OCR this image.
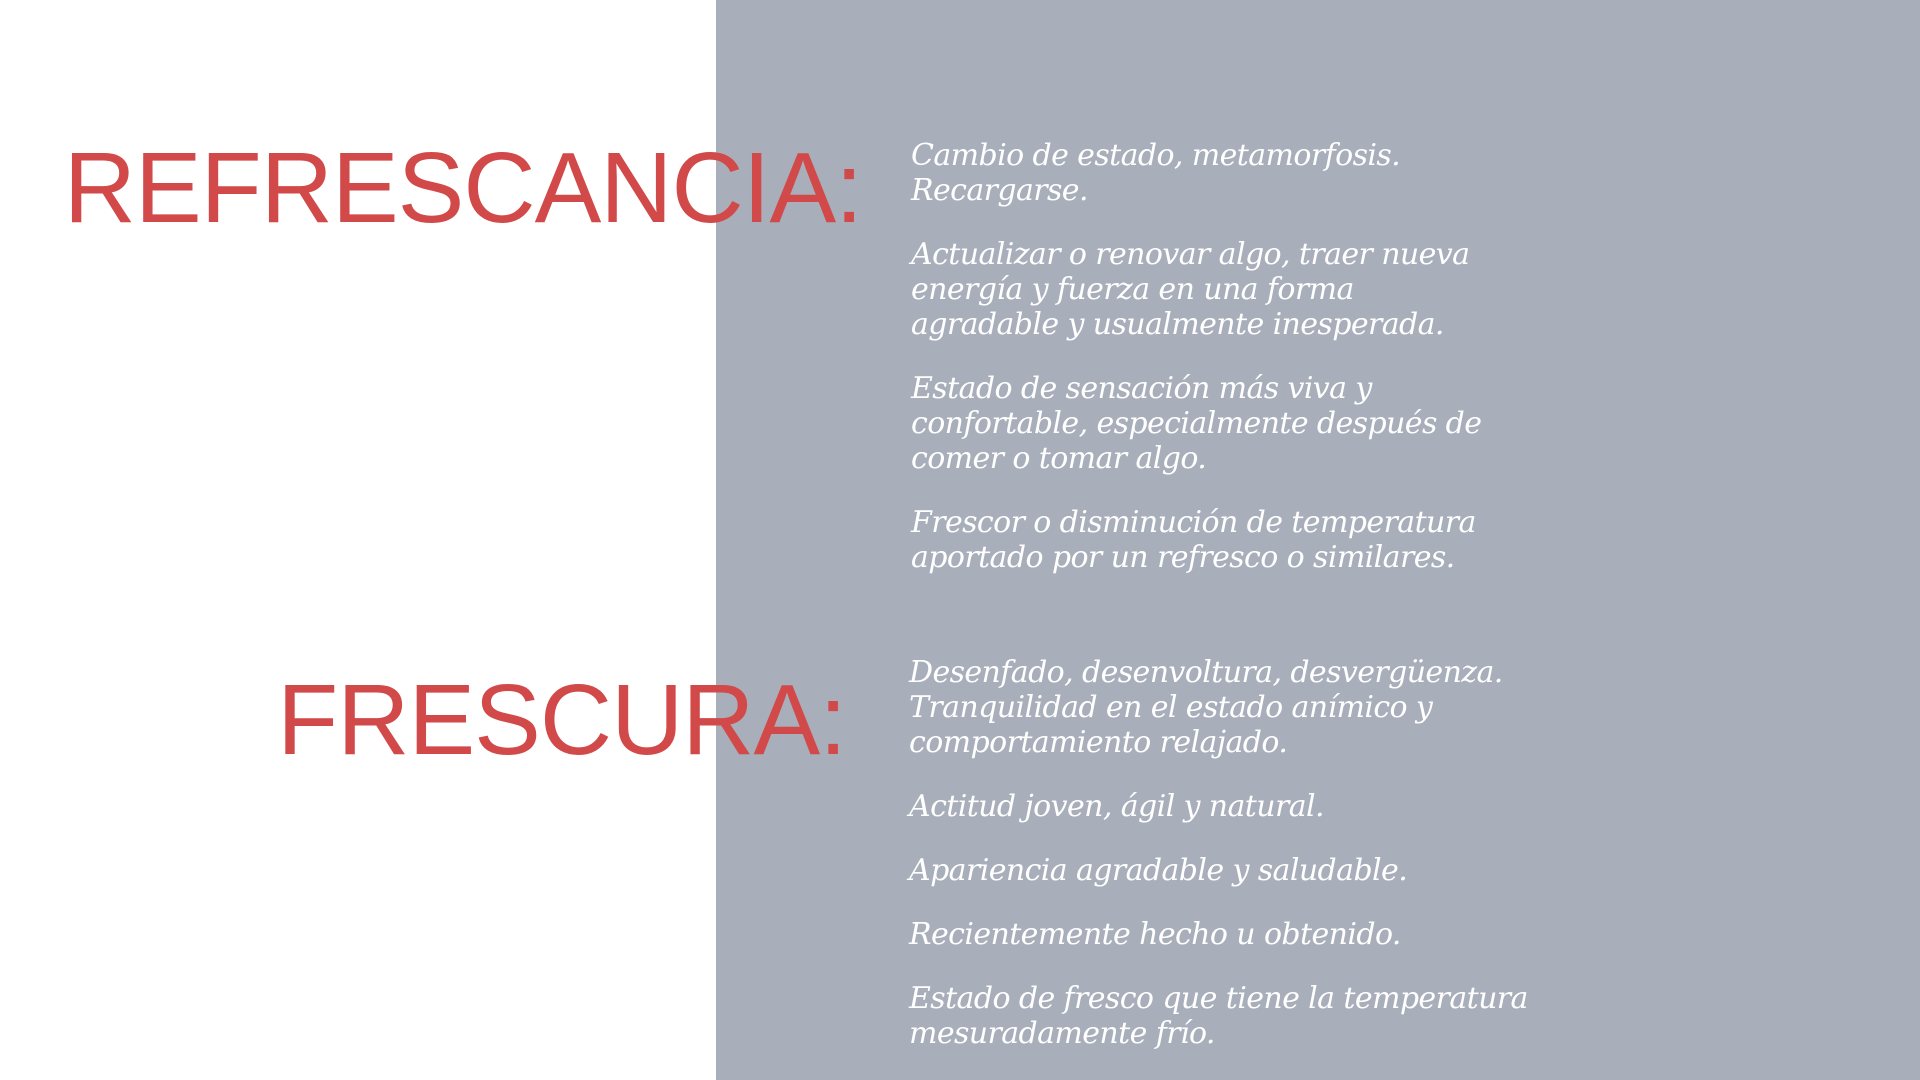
REFRESCANCIA: Cambio de estado, metamorfosis.
Recargarse.
Actualizar o renovar algo, traer nueva
energía y fuerza en una forma
agradable y usualmente inesperada.
Estado de sensación más viva y
confortable, especialmente después de
comer o tomar algo.
Frescor o disminución de temperatura
aportado por un refresco o similares.
FRESCURA: Desenfado, desenvoltura, desvergüenza.
Tranquilidad en el estado anímico y
comportamiento relajado.
Actitud joven, ágil y natural.
Apariencia agradable y saludable.
Recientemente hecho u obtenido.
Estado de fresco que tiene la temperatura
mesuradamente frío.
